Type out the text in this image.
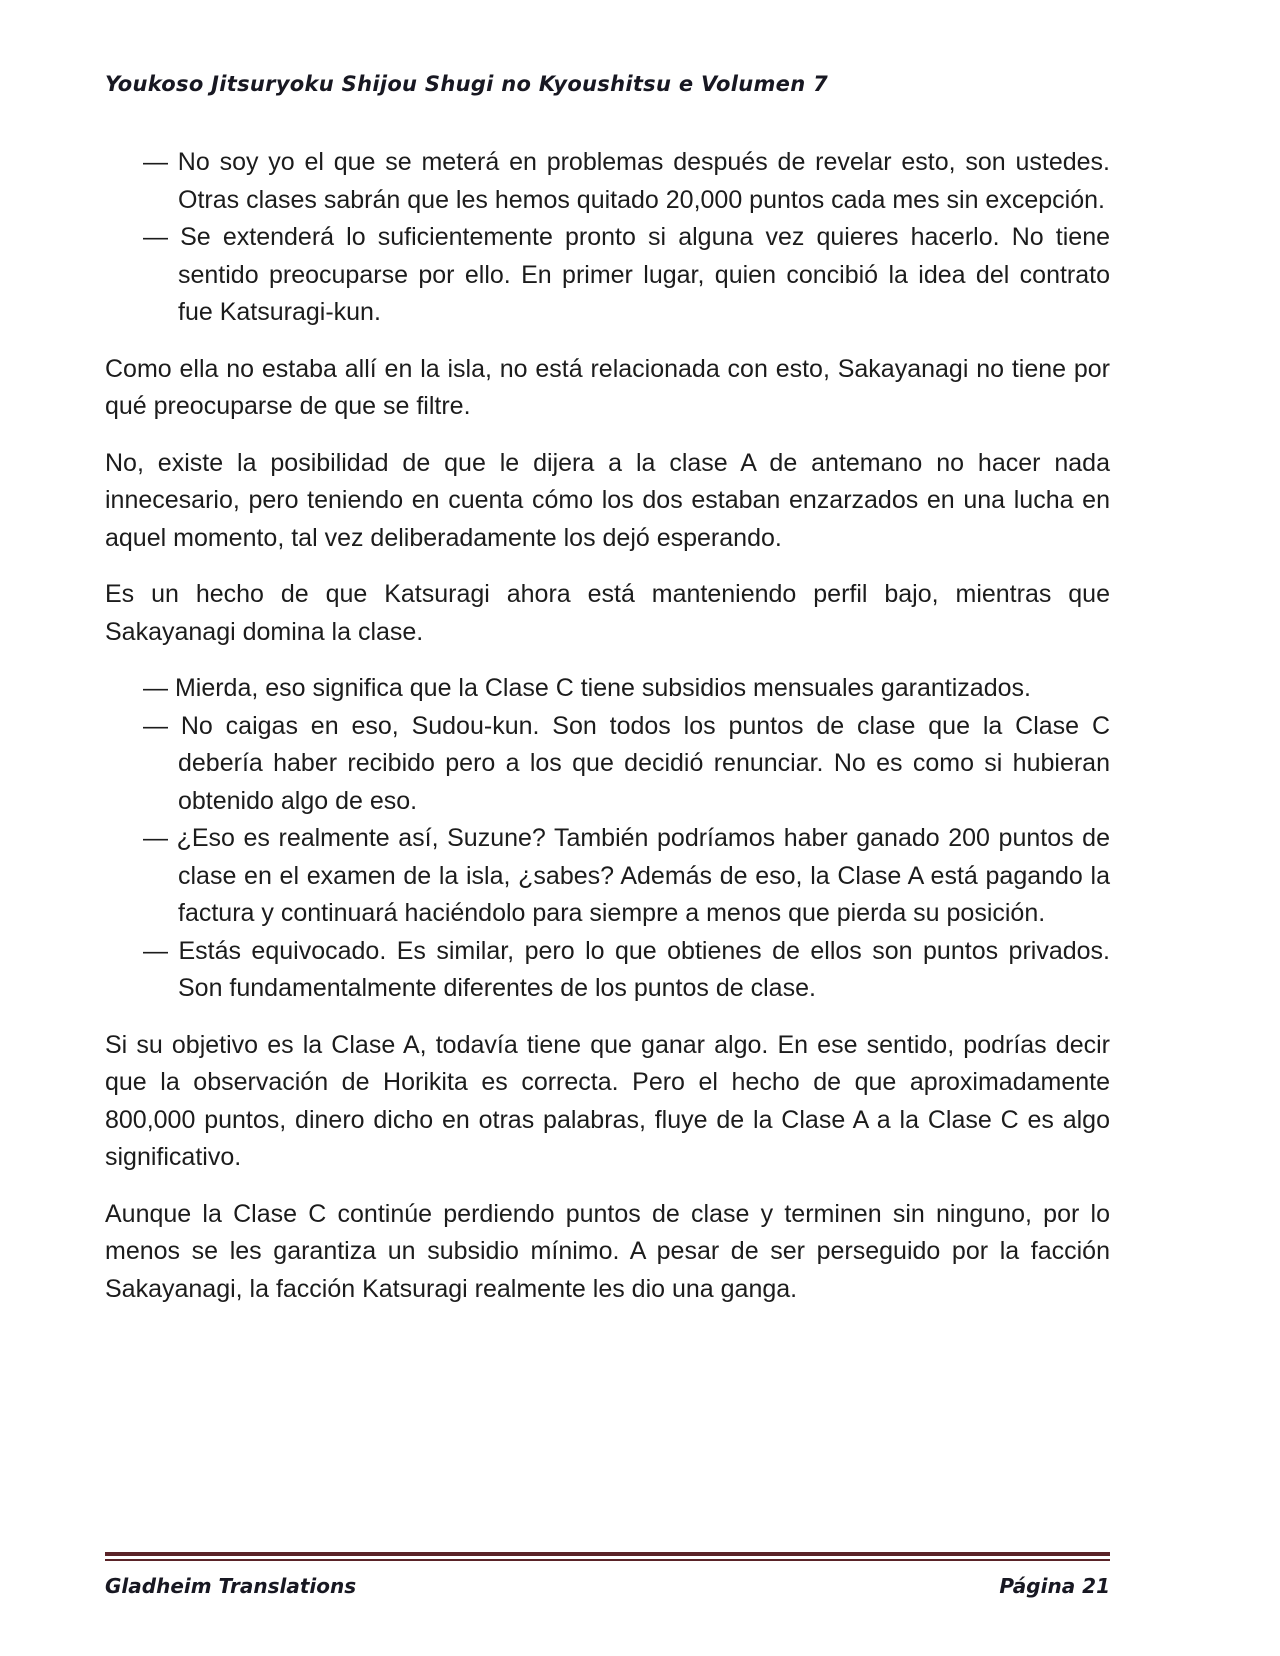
Youkoso Jitsuryoku Shijou Shugi no Kyoushitsu e Volumen 7

— No soy yo el que se meterá en problemas después de revelar esto, son ustedes. Otras clases sabrán que les hemos quitado 20,000 puntos cada mes sin excepción.

— Se extenderá lo suficientemente pronto si alguna vez quieres hacerlo. No tiene sentido preocuparse por ello. En primer lugar, quien concibió la idea del contrato fue Katsuragi-kun.

Como ella no estaba allí en la isla, no está relacionada con esto, Sakayanagi no tiene por qué preocuparse de que se filtre.

No, existe la posibilidad de que le dijera a la clase A de antemano no hacer nada innecesario, pero teniendo en cuenta cómo los dos estaban enzarzados en una lucha en aquel momento, tal vez deliberadamente los dejó esperando.

Es un hecho de que Katsuragi ahora está manteniendo perfil bajo, mientras que Sakayanagi domina la clase.

— Mierda, eso significa que la Clase C tiene subsidios mensuales garantizados.

— No caigas en eso, Sudou-kun. Son todos los puntos de clase que la Clase C debería haber recibido pero a los que decidió renunciar. No es como si hubieran obtenido algo de eso.

— ¿Eso es realmente así, Suzune? También podríamos haber ganado 200 puntos de clase en el examen de la isla, ¿sabes? Además de eso, la Clase A está pagando la factura y continuará haciéndolo para siempre a menos que pierda su posición.

— Estás equivocado. Es similar, pero lo que obtienes de ellos son puntos privados. Son fundamentalmente diferentes de los puntos de clase.

Si su objetivo es la Clase A, todavía tiene que ganar algo. En ese sentido, podrías decir que la observación de Horikita es correcta. Pero el hecho de que aproximadamente 800,000 puntos, dinero dicho en otras palabras, fluye de la Clase A a la Clase C es algo significativo.

Aunque la Clase C continúe perdiendo puntos de clase y terminen sin ninguno, por lo menos se les garantiza un subsidio mínimo. A pesar de ser perseguido por la facción Sakayanagi, la facción Katsuragi realmente les dio una ganga.

Gladheim Translations	Página 21
